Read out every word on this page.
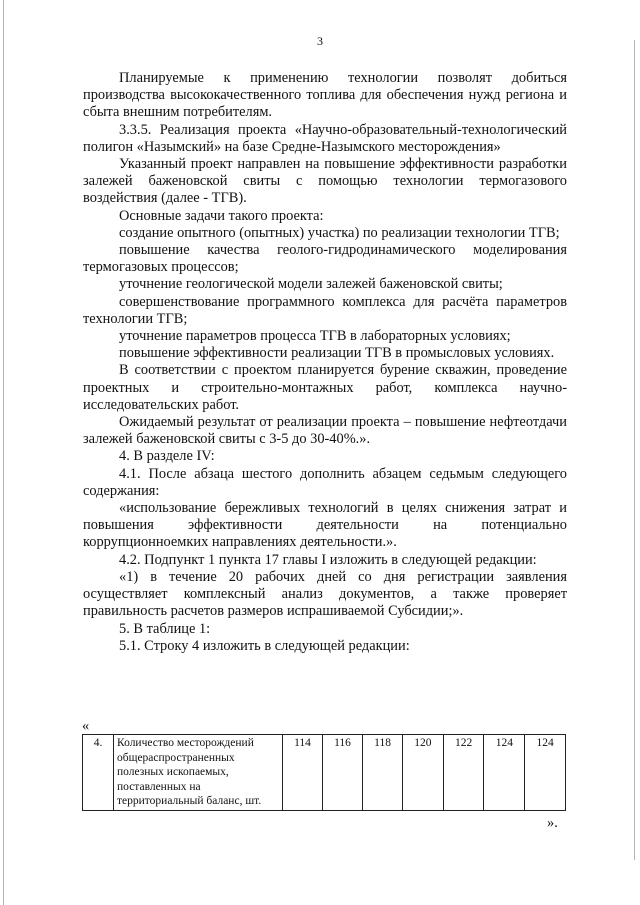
3

Планируемые к применению технологии позволят добиться производства высококачественного топлива для обеспечения нужд региона и сбыта внешним потребителям.

3.3.5. Реализация проекта «Научно-образовательный-технологический полигон «Назымский» на базе Средне-Назымского месторождения»

Указанный проект направлен на повышение эффективности разработки залежей баженовской свиты с помощью технологии термогазового воздействия (далее - ТГВ).

Основные задачи такого проекта:

создание опытного (опытных) участка) по реализации технологии ТГВ;

повышение качества геолого-гидродинамического моделирования термогазовых процессов;

уточнение геологической модели залежей баженовской свиты;

совершенствование программного комплекса для расчёта параметров технологии ТГВ;

уточнение параметров процесса ТГВ в лабораторных условиях;

повышение эффективности реализации ТГВ в промысловых условиях.

В соответствии с проектом планируется бурение скважин, проведение проектных и строительно-монтажных работ, комплекса научно-исследовательских работ.

Ожидаемый результат от реализации проекта – повышение нефтеотдачи залежей баженовской свиты с 3-5 до 30-40%.».

4. В разделе IV:

4.1. После абзаца шестого дополнить абзацем седьмым следующего содержания:

«использование бережливых технологий в целях снижения затрат и повышения эффективности деятельности на потенциально коррупционноемких направлениях деятельности.».

4.2. Подпункт 1 пункта 17 главы I изложить в следующей редакции:

«1) в течение 20 рабочих дней со дня регистрации заявления осуществляет комплексный анализ документов, а также проверяет правильность расчетов размеров испрашиваемой Субсидии;».

5. В таблице 1:

5.1. Строку 4 изложить в следующей редакции:

«
4.	Количество месторождений общераспространенных полезных ископаемых, поставленных на территориальный баланс, шт.	114	116	118	120	122	124	124
».
